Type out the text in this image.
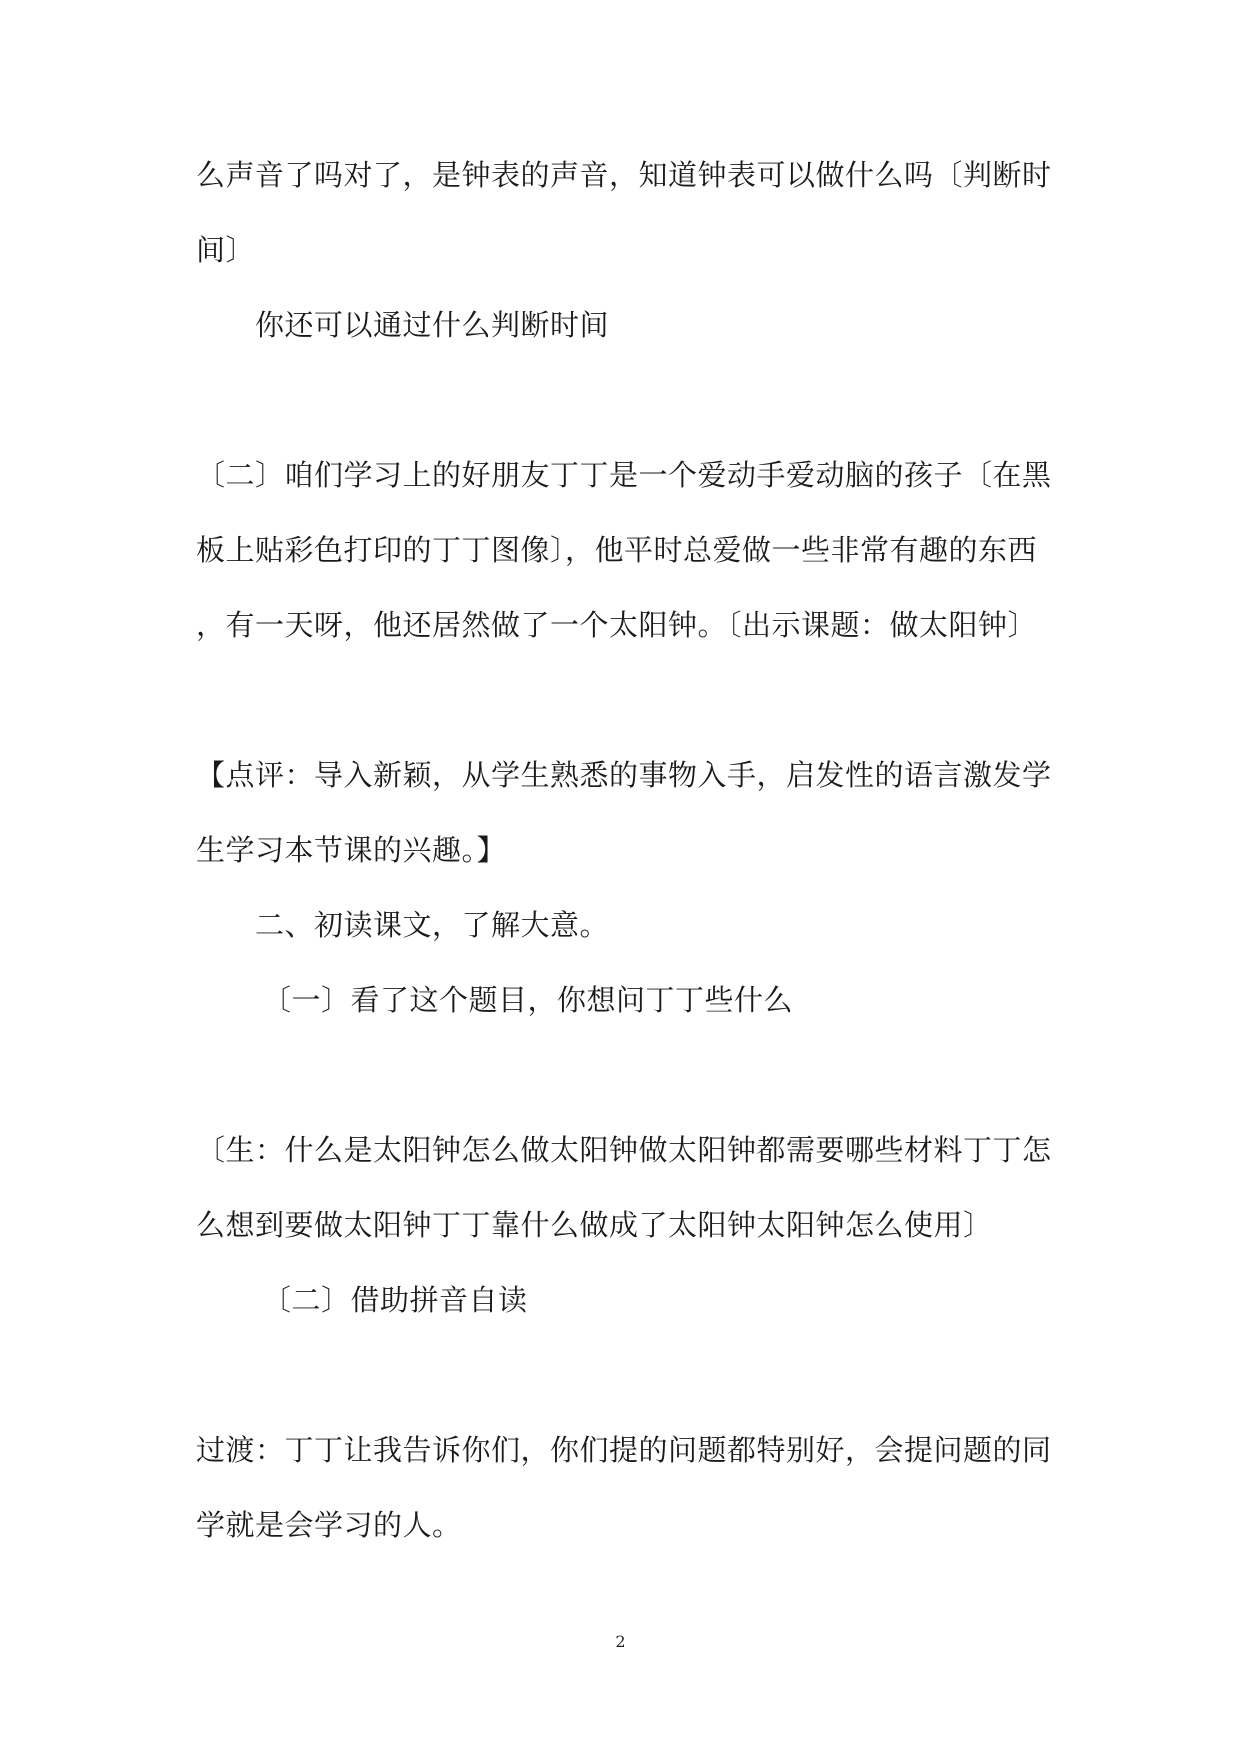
么声音了吗对了，是钟表的声音，知道钟表可以做什么吗〔判断时
间〕
你还可以通过什么判断时间
〔二〕咱们学习上的好朋友丁丁是一个爱动手爱动脑的孩子〔在黑
板上贴彩色打印的丁丁图像〕，他平时总爱做一些非常有趣的东西
，有一天呀，他还居然做了一个太阳钟。〔出示课题：做太阳钟〕
【点评：导入新颖，从学生熟悉的事物入手，启发性的语言激发学
生学习本节课的兴趣。】
二、初读课文，了解大意。
〔一〕看了这个题目，你想问丁丁些什么
〔生：什么是太阳钟怎么做太阳钟做太阳钟都需要哪些材料丁丁怎
么想到要做太阳钟丁丁靠什么做成了太阳钟太阳钟怎么使用〕
〔二〕借助拼音自读
过渡：丁丁让我告诉你们，你们提的问题都特别好，会提问题的同
学就是会学习的人。
2
